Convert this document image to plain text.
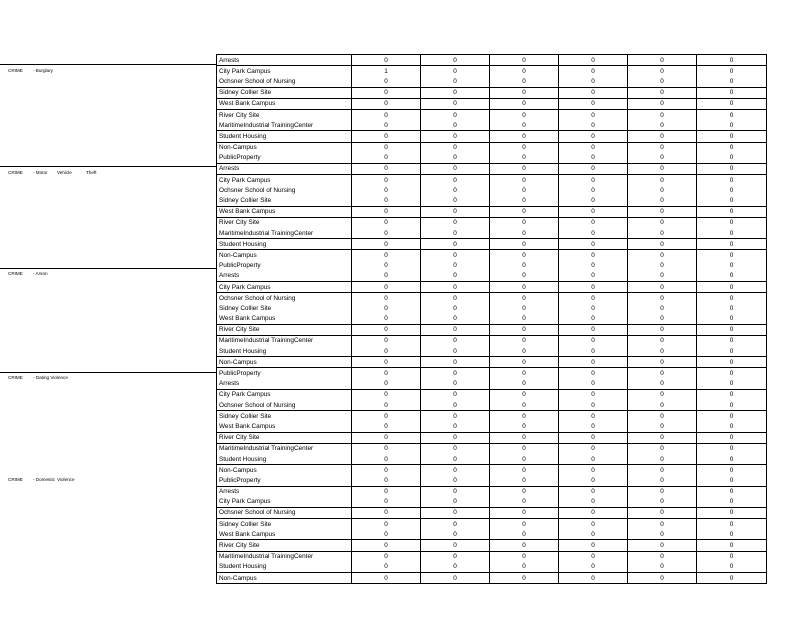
CRIME - Burglary
CRIME - Motor Vehicle	Theft
CRIME - Arson
CRIME - Dating Violence
CRIME - Domestic Violence
Arrests	0	0	0	0	0	0
City Park Campus	1	0	0	0	0	0
Ochsner School of Nursing	0	0	0	0	0	0
Sidney Collier Site	0	0	0	0	0	0
West Bank Campus	0	0	0	0	0	0
River City Site	0	0	0	0	0	0
MaritimeIndustrial TrainingCenter	0	0	0	0	0	0
Student Housing	0	0	0	0	0	0
Non-Campus	0	0	0	0	0	0
PublicProperty	0	0	0	0	0	0
Arrests	0	0	0	0	0	0
City Park Campus	0	0	0	0	0	0
Ochsner School of Nursing	0	0	0	0	0	0
Sidney Collier Site	0	0	0	0	0	0
West Bank Campus	0	0	0	0	0	0
River City Site	0	0	0	0	0	0
MaritimeIndustrial TrainingCenter	0	0	0	0	0	0
Student Housing	0	0	0	0	0	0
Non-Campus	0	0	0	0	0	0
PublicProperty	0	0	0	0	0	0
Arrests	0	0	0	0	0	0
City Park Campus	0	0	0	0	0	0
Ochsner School of Nursing	0	0	0	0	0	0
Sidney Collier Site	0	0	0	0	0	0
West Bank Campus	0	0	0	0	0	0
River City Site	0	0	0	0	0	0
MaritimeIndustrial TrainingCenter	0	0	0	0	0	0
Student Housing	0	0	0	0	0	0
Non-Campus	0	0	0	0	0	0
PublicProperty	0	0	0	0	0	0
Arrests	0	0	0	0	0	0
City Park Campus	0	0	0	0	0	0
Ochsner School of Nursing	0	0	0	0	0	0
Sidney Collier Site	0	0	0	0	0	0
West Bank Campus	0	0	0	0	0	0
River City Site	0	0	0	0	0	0
MaritimeIndustrial TrainingCenter	0	0	0	0	0	0
Student Housing	0	0	0	0	0	0
Non-Campus	0	0	0	0	0	0
PublicProperty	0	0	0	0	0	0
Arrests	0	0	0	0	0	0
City Park Campus	0	0	0	0	0	0
Ochsner School of Nursing	0	0	0	0	0	0
Sidney Collier Site	0	0	0	0	0	0
West Bank Campus	0	0	0	0	0	0
River City Site	0	0	0	0	0	0
MaritimeIndustrial TrainingCenter	0	0	0	0	0	0
Student Housing	0	0	0	0	0	0
Non-Campus	0	0	0	0	0	0
